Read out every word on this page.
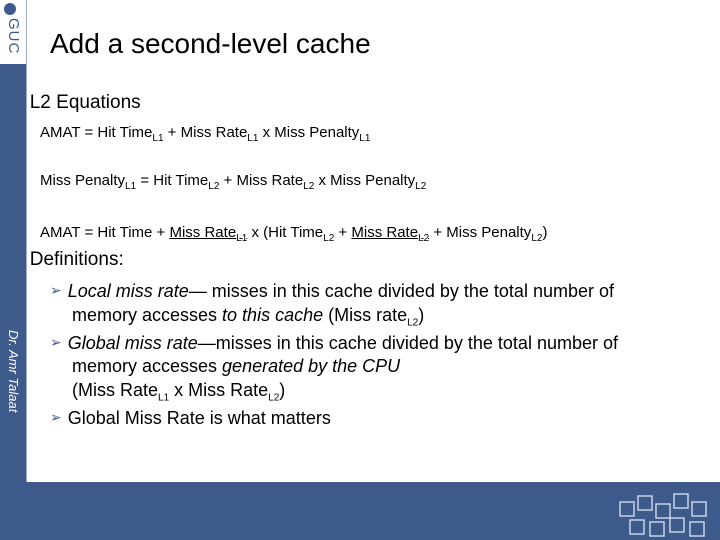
GUC
Dr. Amr Talaat
Add a second-level cache
➢ L2 Equations
AMAT = Hit Time$_{L1}$ + Miss Rate$_{L1}$ x Miss Penalty$_{L1}$
Miss Penalty$_{L1}$ = Hit Time$_{L2}$ + Miss Rate$_{L2}$ x Miss Penalty$_{L2}$
AMAT = Hit Time + Miss Rate$_{L1}$ x (Hit Time$_{L2}$ + Miss Rate$_{L2}$ + Miss Penalty$_{L2}$)
➢ Definitions:
➢ Local miss rate— misses in this cache divided by the total number of
memory accesses to this cache (Miss rate$_{L2}$)
➢ Global miss rate—misses in this cache divided by the total number of
memory accesses generated by the CPU
(Miss Rate$_{L1}$ x Miss Rate$_{L2}$)
➢ Global Miss Rate is what matters
